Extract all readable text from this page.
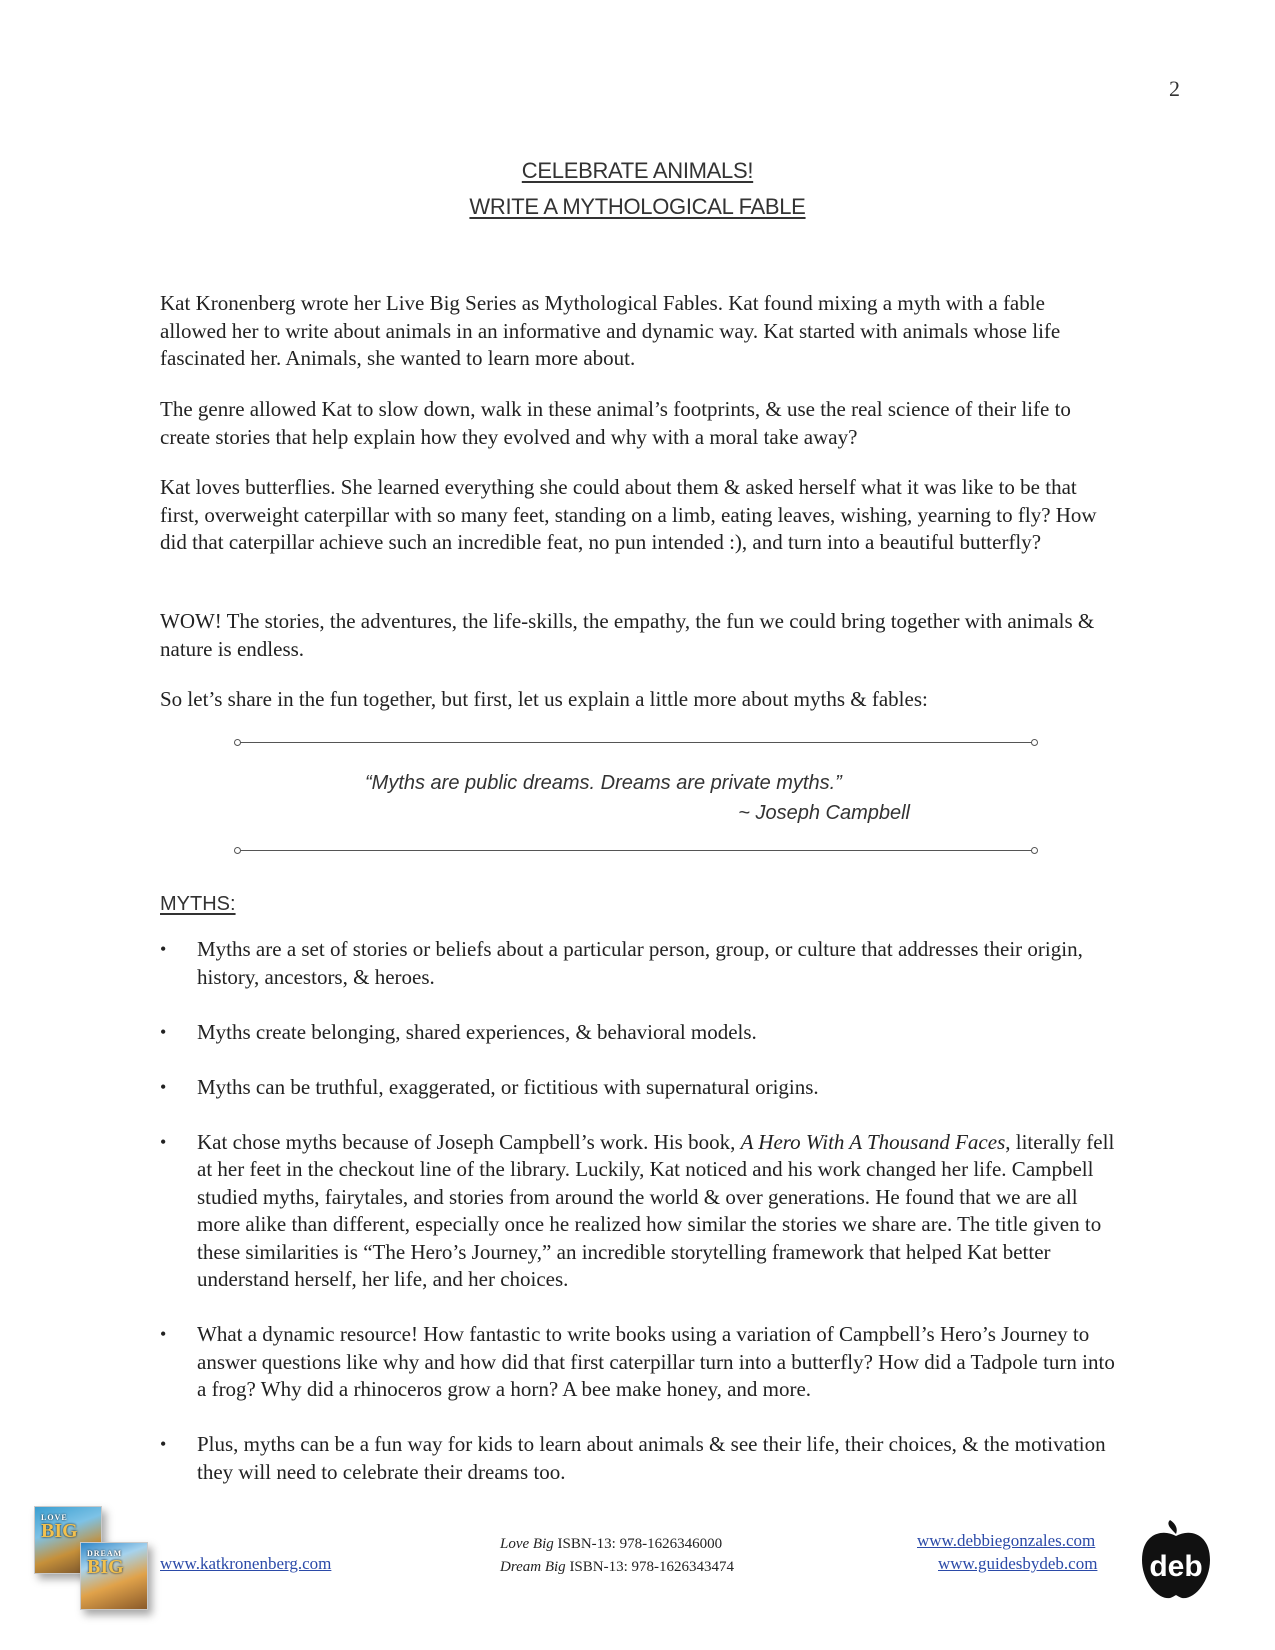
2
CELEBRATE ANIMALS!
WRITE A MYTHOLOGICAL FABLE

Kat Kronenberg wrote her Live Big Series as Mythological Fables. Kat found mixing a myth with a fable allowed her to write about animals in an informative and dynamic way. Kat started with animals whose life fascinated her. Animals, she wanted to learn more about.

The genre allowed Kat to slow down, walk in these animal’s footprints, & use the real science of their life to create stories that help explain how they evolved and why with a moral take away?

Kat loves butterflies. She learned everything she could about them & asked herself what it was like to be that first, overweight caterpillar with so many feet, standing on a limb, eating leaves, wishing, yearning to fly? How did that caterpillar achieve such an incredible feat, no pun intended :), and turn into a beautiful butterfly?

WOW! The stories, the adventures, the life-skills, the empathy, the fun we could bring together with animals & nature is endless.

So let’s share in the fun together, but first, let us explain a little more about myths & fables:

“Myths are public dreams. Dreams are private myths.”
~ Joseph Campbell
MYTHS:
• Myths are a set of stories or beliefs about a particular person, group, or culture that addresses their origin, history, ancestors, & heroes.
• Myths create belonging, shared experiences, & behavioral models.
• Myths can be truthful, exaggerated, or fictitious with supernatural origins.
• Kat chose myths because of Joseph Campbell’s work. His book, A Hero With A Thousand Faces, literally fell at her feet in the checkout line of the library. Luckily, Kat noticed and his work changed her life. Campbell studied myths, fairytales, and stories from around the world & over generations. He found that we are all more alike than different, especially once he realized how similar the stories we share are. The title given to these similarities is “The Hero’s Journey,” an incredible storytelling framework that helped Kat better understand herself, her life, and her choices.
• What a dynamic resource! How fantastic to write books using a variation of Campbell’s Hero’s Journey to answer questions like why and how did that first caterpillar turn into a butterfly? How did a Tadpole turn into a frog? Why did a rhinoceros grow a horn? A bee make honey, and more.
• Plus, myths can be a fun way for kids to learn about animals & see their life, their choices, & the motivation they will need to celebrate their dreams too.
LOVE
BIG
DREAM
BIG www.katkronenberg.com
Love Big ISBN-13: 978-1626346000
Dream Big ISBN-13: 978-1626343474
www.debbiegonzales.com
www.guidesbydeb.com deb
